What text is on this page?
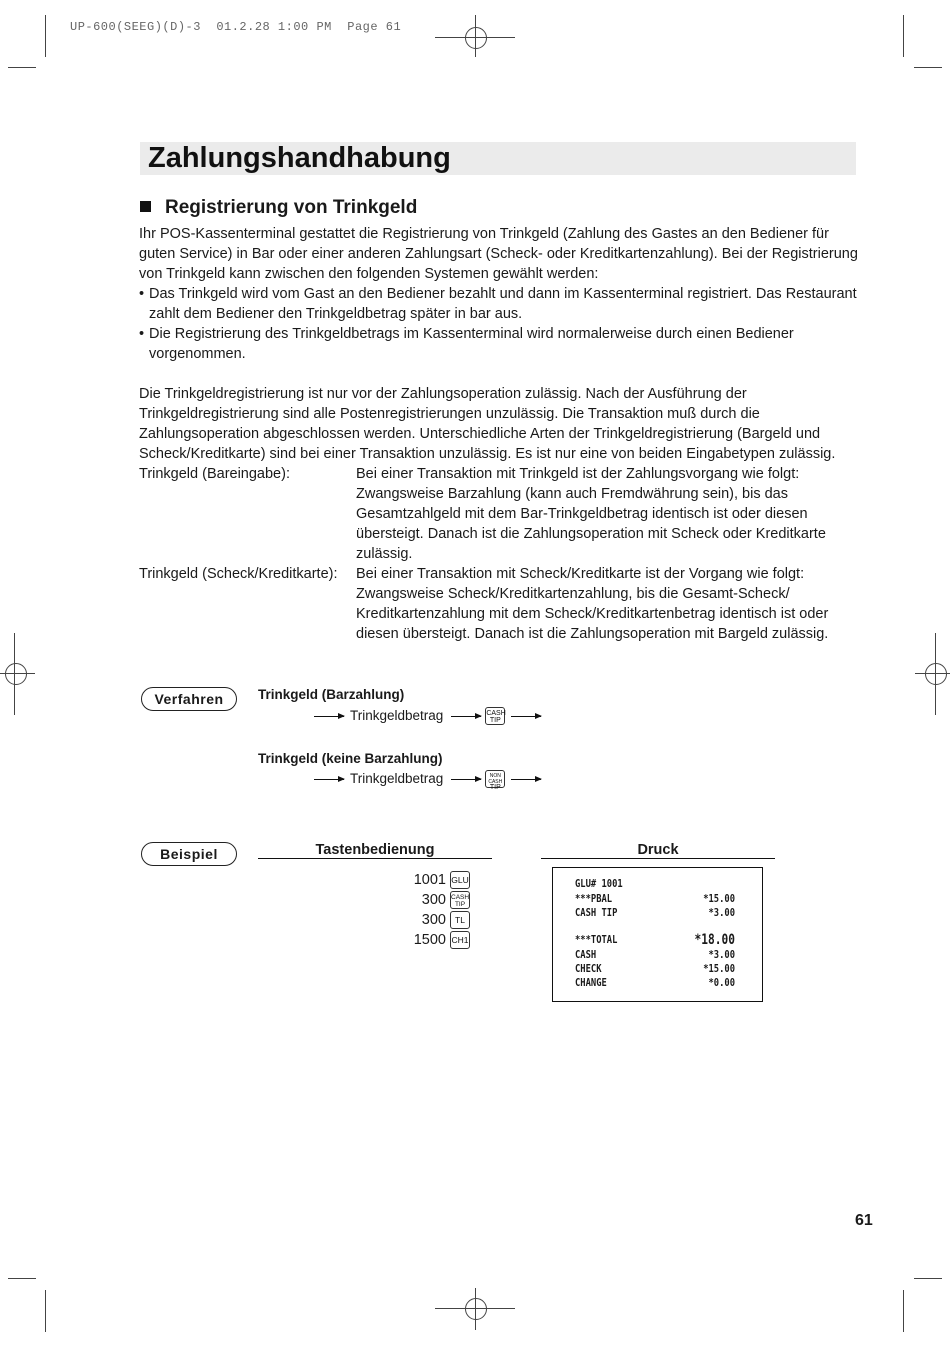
UP-600(SEEG)(D)-3  01.2.28 1:00 PM  Page 61
Zahlungshandhabung
Registrierung von Trinkgeld
Ihr POS-Kassenterminal gestattet die Registrierung von Trinkgeld (Zahlung des Gastes an den Bediener für guten Service) in Bar oder einer anderen Zahlungsart (Scheck- oder Kreditkartenzahlung). Bei der Registrierung von Trinkgeld kann zwischen den folgenden Systemen gewählt werden:
• Das Trinkgeld wird vom Gast an den Bediener bezahlt und dann im Kassenterminal registriert. Das Restaurant zahlt dem Bediener den Trinkgeldbetrag später in bar aus.
• Die Registrierung des Trinkgeldbetrags im Kassenterminal wird normalerweise durch einen Bediener vorgenommen.
Die Trinkgeldregistrierung ist nur vor der Zahlungsoperation zulässig. Nach der Ausführung der Trinkgeldregistrierung sind alle Postenregistrierungen unzulässig. Die Transaktion muß durch die Zahlungsoperation abgeschlossen werden. Unterschiedliche Arten der Trinkgeldregistrierung (Bargeld und Scheck/Kreditkarte) sind bei einer Transaktion unzulässig. Es ist nur eine von beiden Eingabetypen zulässig.
Trinkgeld (Bareingabe):	Bei einer Transaktion mit Trinkgeld ist der Zahlungsvorgang wie folgt: Zwangsweise Barzahlung (kann auch Fremdwährung sein), bis das Gesamtzahlgeld mit dem Bar-Trinkgeldbetrag identisch ist oder diesen übersteigt. Danach ist die Zahlungsoperation mit Scheck oder Kreditkarte zulässig.
Trinkgeld (Scheck/Kreditkarte): Bei einer Transaktion mit Scheck/Kreditkarte ist der Vorgang wie folgt: Zwangsweise Scheck/Kreditkartenzahlung, bis die Gesamt-Scheck/ Kreditkartenzahlung mit dem Scheck/Kreditkartenbetrag identisch ist oder diesen übersteigt. Danach ist die Zahlungsoperation mit Bargeld zulässig.
Verfahren	Trinkgeld (Barzahlung)
Trinkgeldbetrag	CASH
TIP
Trinkgeld (keine Barzahlung)
Trinkgeldbetrag	NON CASH
TIP
Beispiel	Tastenbedienung	Druck
1001 GLU
300 CASH
TIP
300 TL
1500 CH1
GLU# 1001
***PBAL	*15.00
CASH TIP	*3.00
***TOTAL	*18.00
CASH	*3.00
CHECK	*15.00
CHANGE	*0.00
61
